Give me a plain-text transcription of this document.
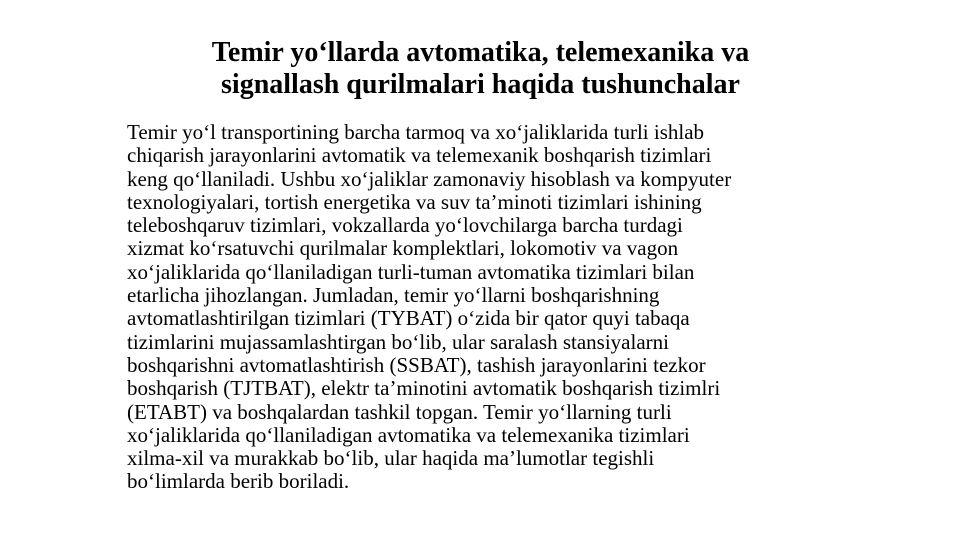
Temir yo‘llarda avtomatika, telemexanika va
signallash qurilmalari haqida tushunchalar
Temir yo‘l transportining barcha tarmoq va xo‘jaliklarida turli ishlab
chiqarish jarayonlarini avtomatik va telemexanik boshqarish tizimlari
keng qo‘llaniladi. Ushbu xo‘jaliklar zamonaviy hisoblash va kompyuter
texnologiyalari, tortish energetika va suv ta’minoti tizimlari ishining
teleboshqaruv tizimlari, vokzallarda yo‘lovchilarga barcha turdagi
xizmat ko‘rsatuvchi qurilmalar komplektlari, lokomotiv va vagon
xo‘jaliklarida qo‘llaniladigan turli-tuman avtomatika tizimlari bilan
etarlicha jihozlangan. Jumladan, temir yo‘llarni boshqarishning
avtomatlashtirilgan tizimlari (TYBAT) o‘zida bir qator quyi tabaqa
tizimlarini mujassamlashtirgan bo‘lib, ular saralash stansiyalarni
boshqarishni avtomatlashtirish (SSBAT), tashish jarayonlarini tezkor
boshqarish (TJTBAT), elektr ta’minotini avtomatik boshqarish tizimlri
(ETABT) va boshqalardan tashkil topgan. Temir yo‘llarning turli
xo‘jaliklarida qo‘llaniladigan avtomatika va telemexanika tizimlari
xilma-xil va murakkab bo‘lib, ular haqida ma’lumotlar tegishli
bo‘limlarda berib boriladi.
